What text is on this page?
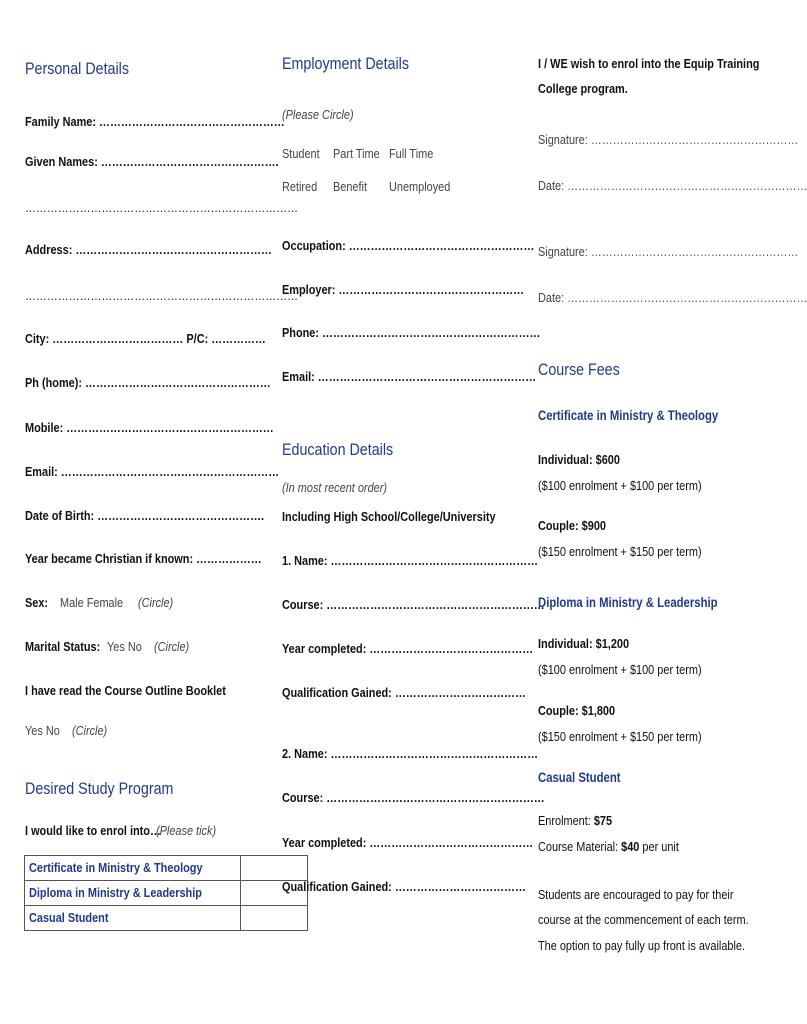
Personal Details
Family Name: ……………………………………………
Given Names: ………………………………………….
…………………………………………………………………
Address: ………………………………………………
…………………………………………………………………
City: ……………………………… P/C: ……………
Ph (home): ……………………………………………
Mobile: …………………………………………………
Email: ……………………………………………………
Date of Birth: ……………………………………….
Year became Christian if known: ………………
Sex: Male Female (Circle)
Marital Status: Yes No (Circle)
I have read the Course Outline Booklet
Yes No (Circle)
Desired Study Program
I would like to enrol into…
(Please tick)
Certificate in Ministry & Theology	
Diploma in Ministry & Leadership	
Casual Student	
Employment Details
(Please Circle)
Student Part Time Full Time
Retired Benefit Unemployed
Occupation: ……………………………………………
Employer: ……………………………………………
Phone: ……………………………………………………
Email: ……………………………………………………
Education Details
(In most recent order)
Including High School/College/University
1. Name: …………………………………………………
Course: ……………………………………………………
Year completed: ………………………………………
Qualification Gained: ………………………………
2. Name: …………………………………………………
Course: ……………………………………………………
Year completed: ………………………………………
Qualification Gained: ………………………………
I / WE wish to enrol into the Equip Training
College program.
Signature: …………………………………………………
Date: …………………………………………………………
Signature: …………………………………………………
Date: …………………………………………………………
Course Fees
Certificate in Ministry & Theology
Individual: $600
($100 enrolment + $100 per term)
Couple: $900
($150 enrolment + $150 per term)
Diploma in Ministry & Leadership
Individual: $1,200
($100 enrolment + $100 per term)
Couple: $1,800
($150 enrolment + $150 per term)
Casual Student
Enrolment: $75
Course Material: $40 per unit
Students are encouraged to pay for their
course at the commencement of each term.
The option to pay fully up front is available.
